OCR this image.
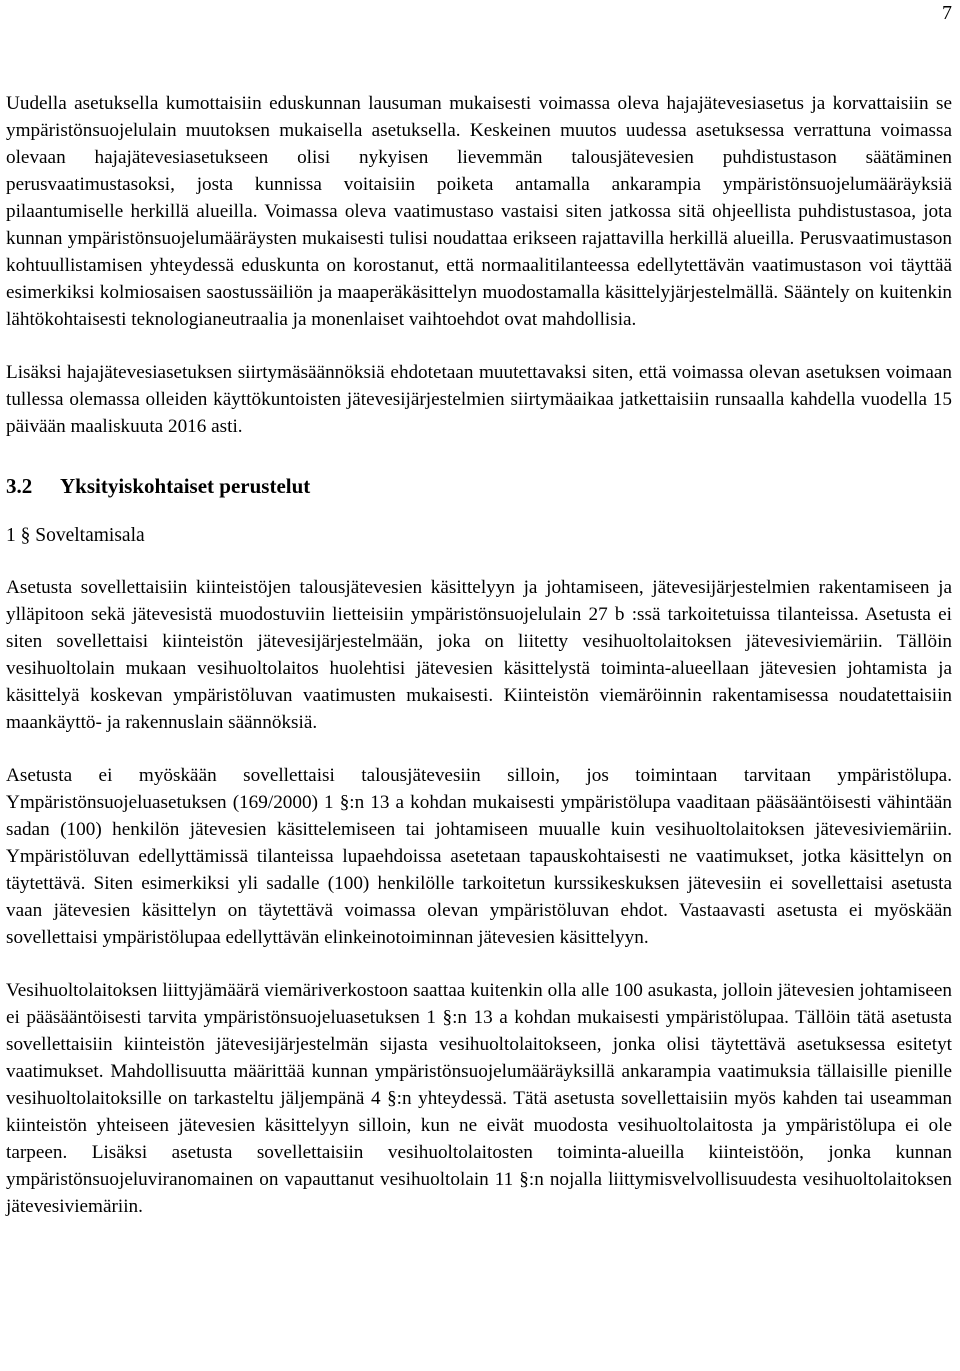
7

Uudella asetuksella kumottaisiin eduskunnan lausuman mukaisesti voimassa oleva hajajätevesiasetus ja korvattaisiin se ympäristönsuojelulain muutoksen mukaisella asetuksella. Keskeinen muutos uudessa asetuksessa verrattuna voimassa olevaan hajajätevesiasetukseen olisi nykyisen lievemmän talousjätevesien puhdistustason säätäminen perusvaatimustasoksi, josta kunnissa voitaisiin poiketa antamalla ankarampia ympäristönsuojelumääräyksiä pilaantumiselle herkillä alueilla. Voimassa oleva vaatimustaso vastaisi siten jatkossa sitä ohjeellista puhdistustasoa, jota kunnan ympäristönsuojelumääräysten mukaisesti tulisi noudattaa erikseen rajattavilla herkillä alueilla. Perusvaatimustason kohtuullistamisen yhteydessä eduskunta on korostanut, että normaalitilanteessa edellytettävän vaatimustason voi täyttää esimerkiksi kolmiosaisen saostussäiliön ja maaperäkäsittelyn muodostamalla käsittelyjärjestelmällä. Sääntely on kuitenkin lähtökohtaisesti teknologianeutraalia ja monenlaiset vaihtoehdot ovat mahdollisia.

Lisäksi hajajätevesiasetuksen siirtymäsäännöksiä ehdotetaan muutettavaksi siten, että voimassa olevan asetuksen voimaan tullessa olemassa olleiden käyttökuntoisten jätevesijärjestelmien siirtymäaikaa jatkettaisiin runsaalla kahdella vuodella 15 päivään maaliskuuta 2016 asti.

3.2 Yksityiskohtaiset perustelut
1 § Soveltamisala

Asetusta sovellettaisiin kiinteistöjen talousjätevesien käsittelyyn ja johtamiseen, jätevesijärjestelmien rakentamiseen ja ylläpitoon sekä jätevesistä muodostuviin lietteisiin ympäristönsuojelulain 27 b :ssä tarkoitetuissa tilanteissa. Asetusta ei siten sovellettaisi kiinteistön jätevesijärjestelmään, joka on liitetty vesihuoltolaitoksen jätevesiviemäriin. Tällöin vesihuoltolain mukaan vesihuoltolaitos huolehtisi jätevesien käsittelystä toiminta-alueellaan jätevesien johtamista ja käsittelyä koskevan ympäristöluvan vaatimusten mukaisesti. Kiinteistön viemäröinnin rakentamisessa noudatettaisiin maankäyttö- ja rakennuslain säännöksiä.

Asetusta ei myöskään sovellettaisi talousjätevesiin silloin, jos toimintaan tarvitaan ympäristölupa. Ympäristönsuojeluasetuksen (169/2000) 1 §:n 13 a kohdan mukaisesti ympäristölupa vaaditaan pääsääntöisesti vähintään sadan (100) henkilön jätevesien käsittelemiseen tai johtamiseen muualle kuin vesihuoltolaitoksen jätevesiviemäriin. Ympäristöluvan edellyttämissä tilanteissa lupaehdoissa asetetaan tapauskohtaisesti ne vaatimukset, jotka käsittelyn on täytettävä. Siten esimerkiksi yli sadalle (100) henkilölle tarkoitetun kurssikeskuksen jätevesiin ei sovellettaisi asetusta vaan jätevesien käsittelyn on täytettävä voimassa olevan ympäristöluvan ehdot. Vastaavasti asetusta ei myöskään sovellettaisi ympäristölupaa edellyttävän elinkeinotoiminnan jätevesien käsittelyyn.

Vesihuoltolaitoksen liittyjämäärä viemäriverkostoon saattaa kuitenkin olla alle 100 asukasta, jolloin jätevesien johtamiseen ei pääsääntöisesti tarvita ympäristönsuojeluasetuksen 1 §:n 13 a kohdan mukaisesti ympäristölupaa. Tällöin tätä asetusta sovellettaisiin kiinteistön jätevesijärjestelmän sijasta vesihuoltolaitokseen, jonka olisi täytettävä asetuksessa esitetyt vaatimukset. Mahdollisuutta määrittää kunnan ympäristönsuojelumääräyksillä ankarampia vaatimuksia tällaisille pienille vesihuoltolaitoksille on tarkasteltu jäljempänä 4 §:n yhteydessä. Tätä asetusta sovellettaisiin myös kahden tai useamman kiinteistön yhteiseen jätevesien käsittelyyn silloin, kun ne eivät muodosta vesihuoltolaitosta ja ympäristölupa ei ole tarpeen. Lisäksi asetusta sovellettaisiin vesihuoltolaitosten toiminta-alueilla kiinteistöön, jonka kunnan ympäristönsuojeluviranomainen on vapauttanut vesihuoltolain 11 §:n nojalla liittymisvelvollisuudesta vesihuoltolaitoksen jätevesiviemäriin.
